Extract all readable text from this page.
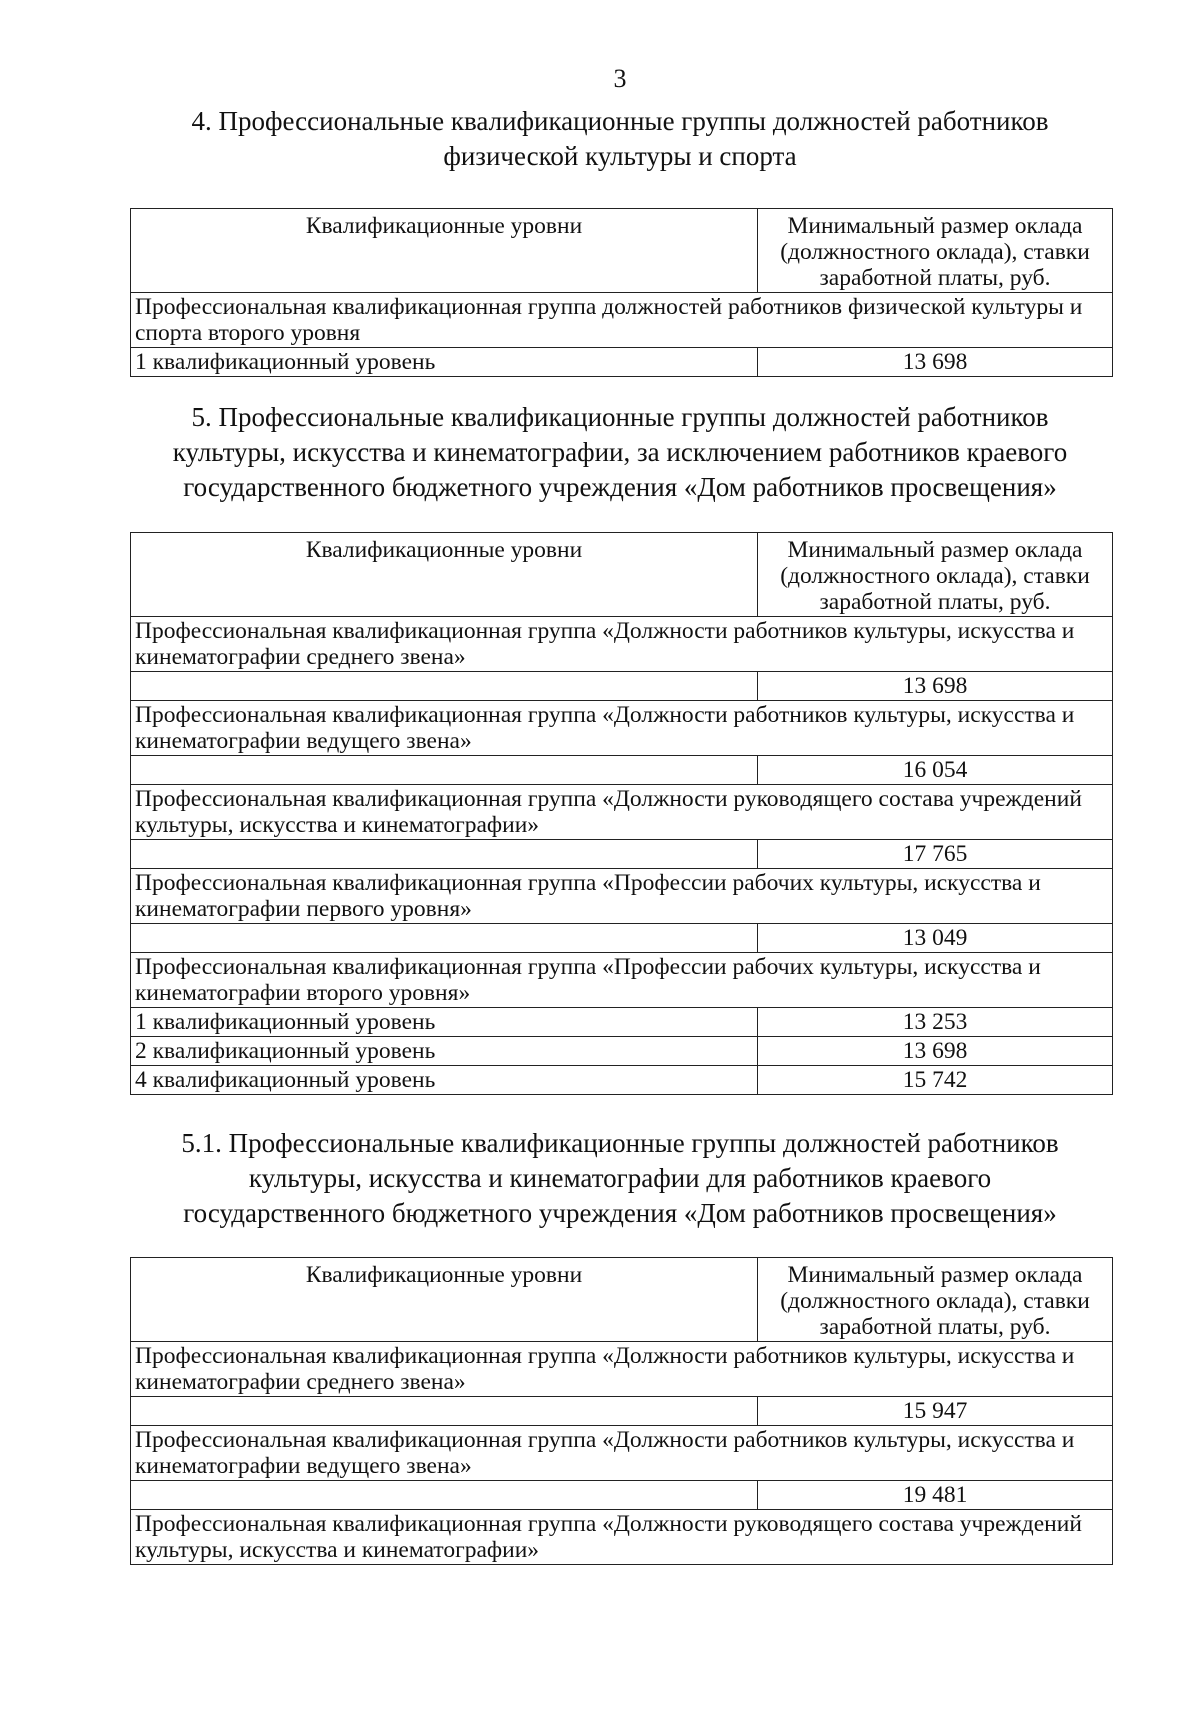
3
4. Профессиональные квалификационные группы должностей работников
физической культуры и спорта
Квалификационные уровни	Минимальный размер оклада (должностного оклада), ставки заработной платы, руб.
Профессиональная квалификационная группа должностей работников физической культуры и спорта второго уровня	
1 квалификационный уровень	13 698
5. Профессиональные квалификационные группы должностей работников
культуры, искусства и кинематографии, за исключением работников краевого
государственного бюджетного учреждения «Дом работников просвещения»
Квалификационные уровни	Минимальный размер оклада (должностного оклада), ставки заработной платы, руб.
Профессиональная квалификационная группа «Должности работников культуры, искусства и кинематографии среднего звена»	
	13 698
Профессиональная квалификационная группа «Должности работников культуры, искусства и кинематографии ведущего звена»	
	16 054
Профессиональная квалификационная группа «Должности руководящего состава учреждений культуры, искусства и кинематографии»	
	17 765
Профессиональная квалификационная группа «Профессии рабочих культуры, искусства и кинематографии первого уровня»	
	13 049
Профессиональная квалификационная группа «Профессии рабочих культуры, искусства и кинематографии второго уровня»	
1 квалификационный уровень	13 253
2 квалификационный уровень	13 698
4 квалификационный уровень	15 742
5.1. Профессиональные квалификационные группы должностей работников
культуры, искусства и кинематографии для работников краевого
государственного бюджетного учреждения «Дом работников просвещения»
Квалификационные уровни	Минимальный размер оклада (должностного оклада), ставки заработной платы, руб.
Профессиональная квалификационная группа «Должности работников культуры, искусства и кинематографии среднего звена»	
	15 947
Профессиональная квалификационная группа «Должности работников культуры, искусства и кинематографии ведущего звена»	
	19 481
Профессиональная квалификационная группа «Должности руководящего состава учреждений культуры, искусства и кинематографии»	
